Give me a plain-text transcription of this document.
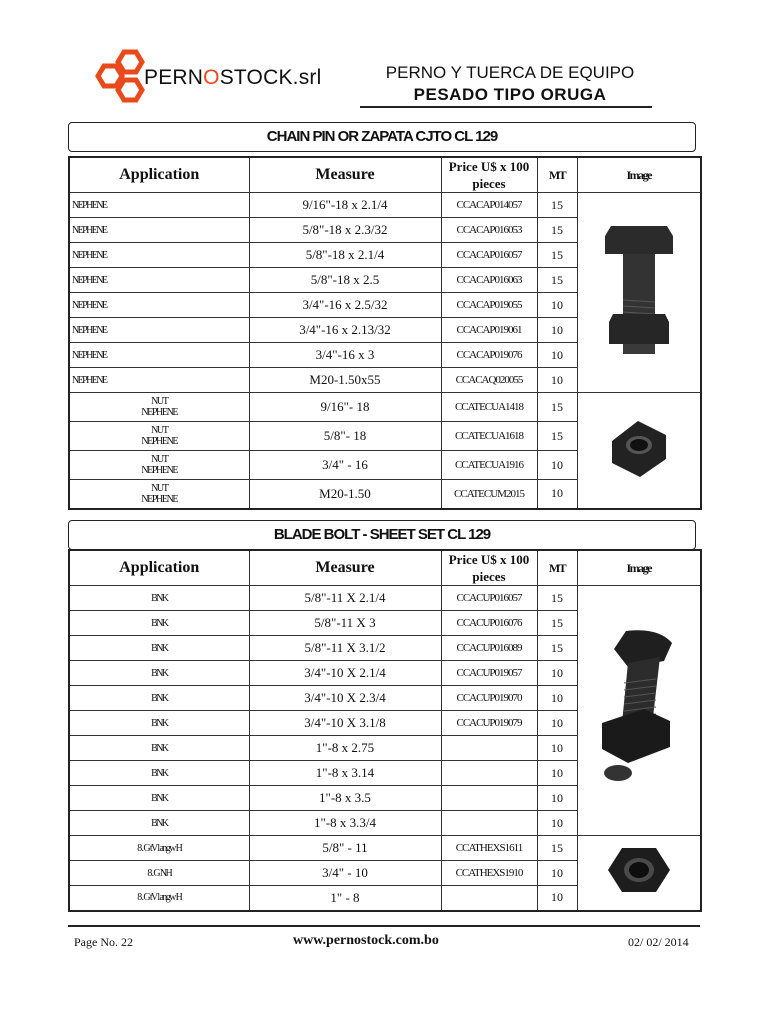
PERNOSTOCK.srl	PERNO Y TUERCA DE EQUIPO
PESADO TIPO ORUGA
CHAIN PIN OR ZAPATA CJTO CL 129
Application	Measure	Price U$ x 100 pieces	MT	Image
NEPHENE	9/16"-18 x 2.1/4	CCACAP014057	15	
NEPHENE	5/8"-18 x 2.3/32	CCACAP016053	15	
NEPHENE	5/8"-18 x 2.1/4	CCACAP016057	15	
NEPHENE	5/8"-18 x 2.5	CCACAP016063	15	
NEPHENE	3/4"-16 x 2.5/32	CCACAP019055	10	
NEPHENE	3/4"-16 x 2.13/32	CCACAP019061	10	
NEPHENE	3/4"-16 x 3	CCACAP019076	10	
NEPHENE	M20-1.50x55	CCACAQ020055	10	
NUT
NEPHENE	9/16"- 18	CCATECUA1418	15	
NUT
NEPHENE	5/8"- 18	CCATECUA1618	15	
NUT
NEPHENE	3/4" - 16	CCATECUA1916	10	
NUT
NEPHENE	M20-1.50	CCATECUM2015	10	
BLADE BOLT - SHEET SET CL 129
Application	Measure	Price U$ x 100 pieces	MT	Image
BNK	5/8"-11 X 2.1/4	CCACUP016057	15	
BNK	5/8"-11 X 3	CCACUP016076	15	
BNK	5/8"-11 X 3.1/2	CCACUP016089	15	
BNK	3/4"-10 X 2.1/4	CCACUP019057	10	
BNK	3/4"-10 X 2.3/4	CCACUP019070	10	
BNK	3/4"-10 X 3.1/8	CCACUP019079	10	
BNK	1"-8 x 2.75		10	
BNK	1"-8 x 3.14		10	
BNK	1"-8 x 3.5		10	
BNK	1"-8 x 3.3/4		10	
8 . G tV l angw H	5/8" - 11	CCATHEXS1611	15	
8 . G NH	3/4" - 10	CCATHEXS1910	10	
8 . G tV l angw H	1" - 8		10	
Page No. 22	www.pernostock.com.bo	02/ 02/ 2014
